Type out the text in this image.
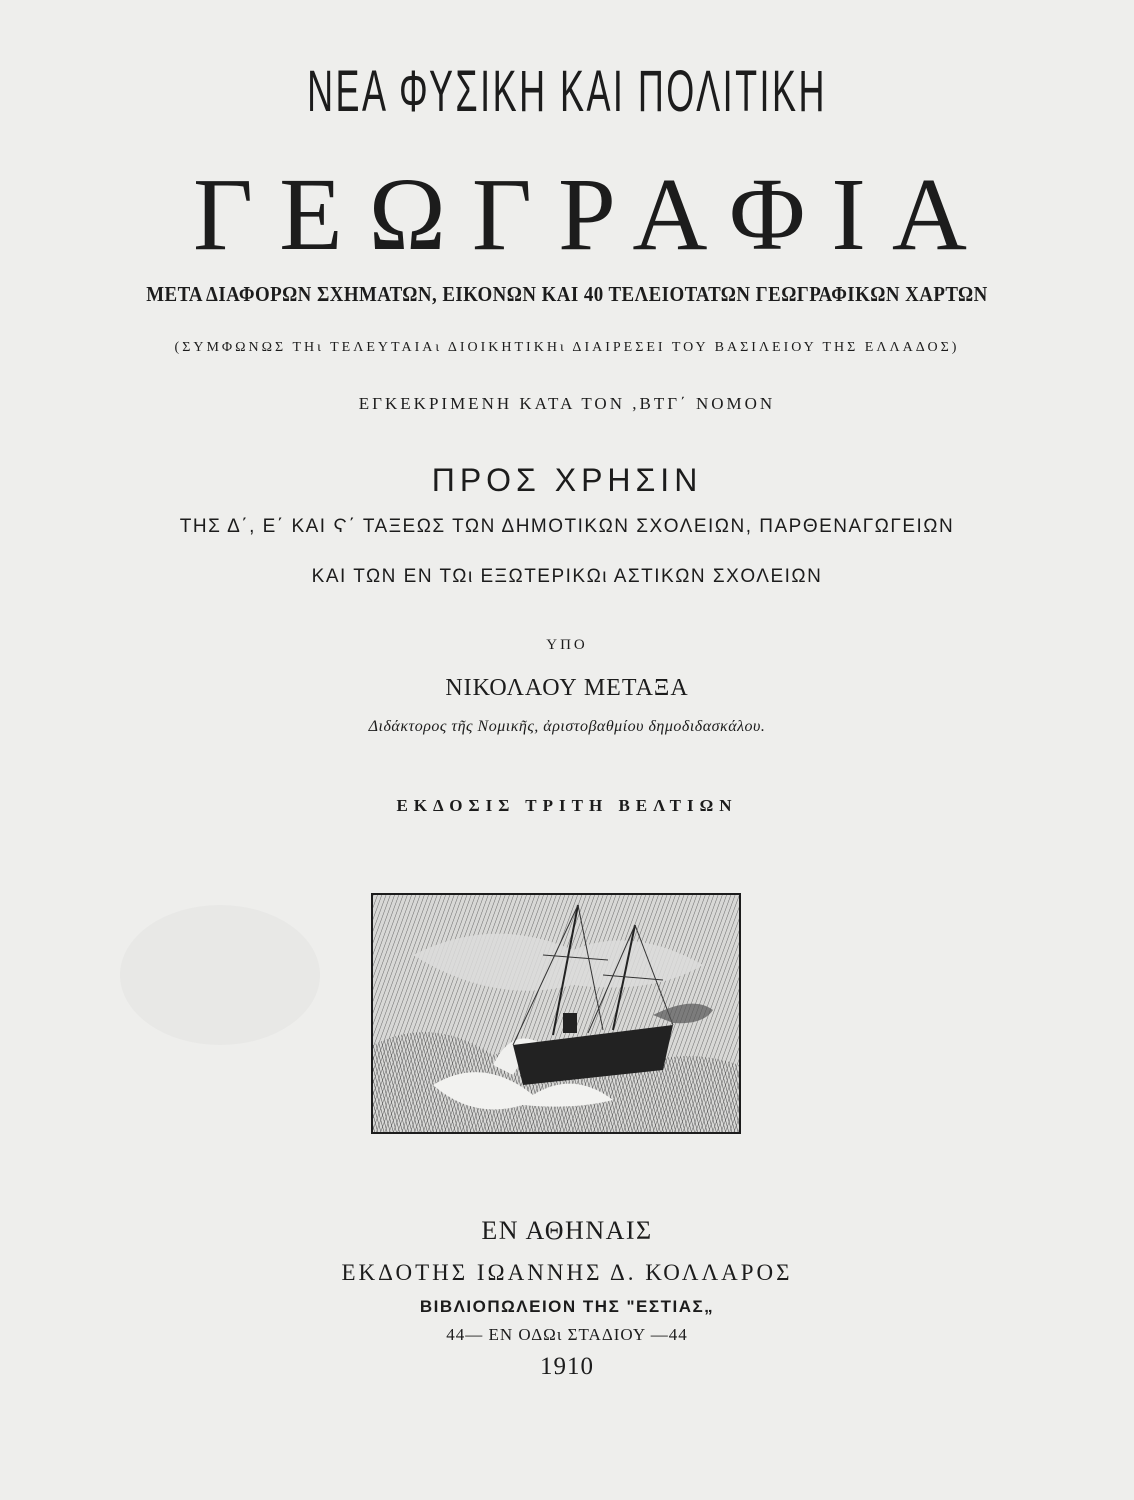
ΝΕΑ ΦΥΣΙΚΗ ΚΑΙ ΠΟΛΙΤΙΚΗ
ΓΕΩΓΡΑΦΙΑ
ΜΕΤΑ ΔΙΑΦΟΡΩΝ ΣΧΗΜΑΤΩΝ, ΕΙΚΟΝΩΝ ΚΑΙ 40 ΤΕΛΕΙΟΤΑΤΩΝ ΓΕΩΓΡΑΦΙΚΩΝ ΧΑΡΤΩΝ
(ΣΥΜΦΩΝΩΣ ΤΗι ΤΕΛΕΥΤΑΙΑι ΔΙΟΙΚΗΤΙΚΗι ΔΙΑΙΡΕΣΕΙ ΤΟΥ ΒΑΣΙΛΕΙΟΥ ΤΗΣ ΕΛΛΑΔΟΣ)
ΕΓΚΕΚΡΙΜΕΝΗ ΚΑΤΑ ΤΟΝ ,ΒΤΓ΄ ΝΟΜΟΝ
ΠΡΟΣ ΧΡΗΣΙΝ
ΤΗΣ Δ΄, Ε΄ ΚΑΙ Ϛ΄ ΤΑΞΕΩΣ ΤΩΝ ΔΗΜΟΤΙΚΩΝ ΣΧΟΛΕΙΩΝ, ΠΑΡΘΕΝΑΓΩΓΕΙΩΝ
ΚΑΙ ΤΩΝ ΕΝ ΤΩι ΕΞΩΤΕΡΙΚΩι ΑΣΤΙΚΩΝ ΣΧΟΛΕΙΩΝ
ΥΠΟ
ΝΙΚΟΛΑΟΥ ΜΕΤΑΞΑ
Διδάκτορος τῆς Νομικῆς, ἀριστοβαθμίου δημοδιδασκάλου.
ΕΚΔΟΣΙΣ ΤΡΙΤΗ ΒΕΛΤΙΩΝ
ΕΝ ΑΘΗΝΑΙΣ
ΕΚΔΟΤΗΣ ΙΩΑΝΝΗΣ Δ. ΚΟΛΛΑΡΟΣ
ΒΙΒΛΙΟΠΩΛΕΙΟΝ ΤΗΣ "ΕΣΤΙΑΣ„
44— ΕΝ ΟΔΩι ΣΤΑΔΙΟΥ —44
1910
